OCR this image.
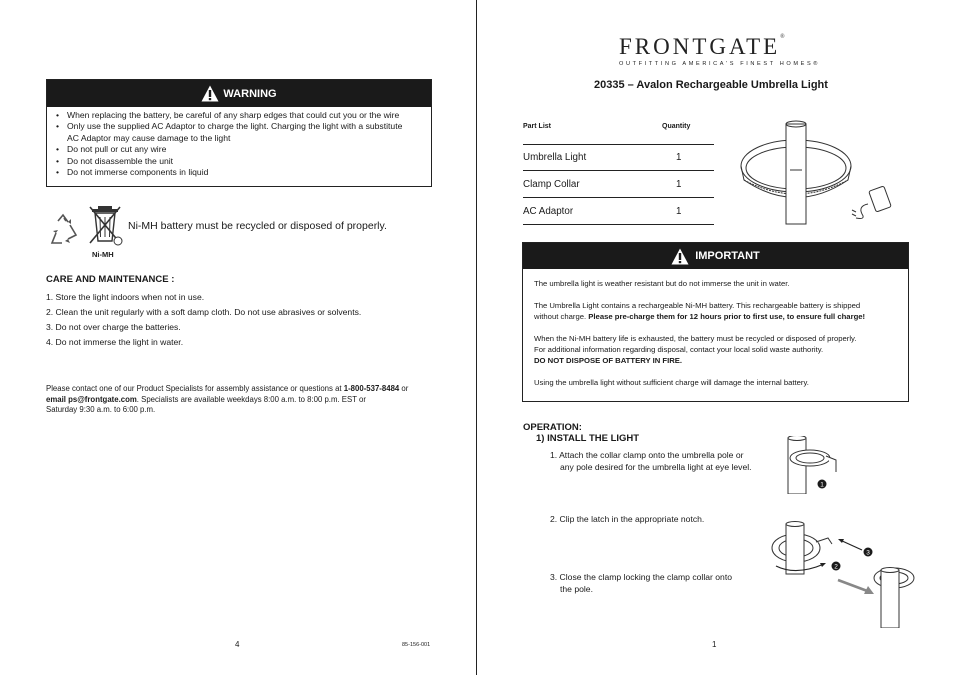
WARNING
• When replacing the battery, be careful of any sharp edges that could cut you or the wire
• Only use the supplied AC Adaptor to charge the light. Charging the light with a substitute
AC Adaptor may cause damage to the light
• Do not pull or cut any wire
• Do not disassemble the unit
• Do not immerse components in liquid
Ni-MH
Ni-MH battery must be recycled or disposed of properly.
CARE AND MAINTENANCE :
1. Store the light indoors when not in use.
2. Clean the unit regularly with a soft damp cloth. Do not use abrasives or solvents.
3. Do not over charge the batteries.
4. Do not immerse the light in water.
Please contact one of our Product Specialists for assembly assistance or questions at 1-800-537-8484 or
email ps@frontgate.com. Specialists are available weekdays 8:00 a.m. to 8:00 p.m. EST or
Saturday 9:30 a.m. to 6:00 p.m.
4	85-156-001
FRONTGATE®
OUTFITTING AMERICA'S FINEST HOMES®
20335 – Avalon Rechargeable Umbrella Light
Part List	Quantity
Umbrella Light	1
Clamp Collar	1
AC Adaptor	1
IMPORTANT

The umbrella light is weather resistant but do not immerse the unit in water.

The Umbrella Light contains a rechargeable Ni-MH battery. This rechargeable battery is shipped
without charge. Please pre-charge them for 12 hours prior to first use, to ensure full charge!

When the Ni-MH battery life is exhausted, the battery must be recycled or disposed of properly.
For additional information regarding disposal, contact your local solid waste authority.
DO NOT DISPOSE OF BATTERY IN FIRE.

Using the umbrella light without sufficient charge will damage the internal battery.

OPERATION:
1) INSTALL THE LIGHT
1. Attach the collar clamp onto the umbrella pole or
any pole desired for the umbrella light at eye level.
2. Clip the latch in the appropriate notch.
3. Close the clamp locking the clamp collar onto
the pole.
1
3
2
1
